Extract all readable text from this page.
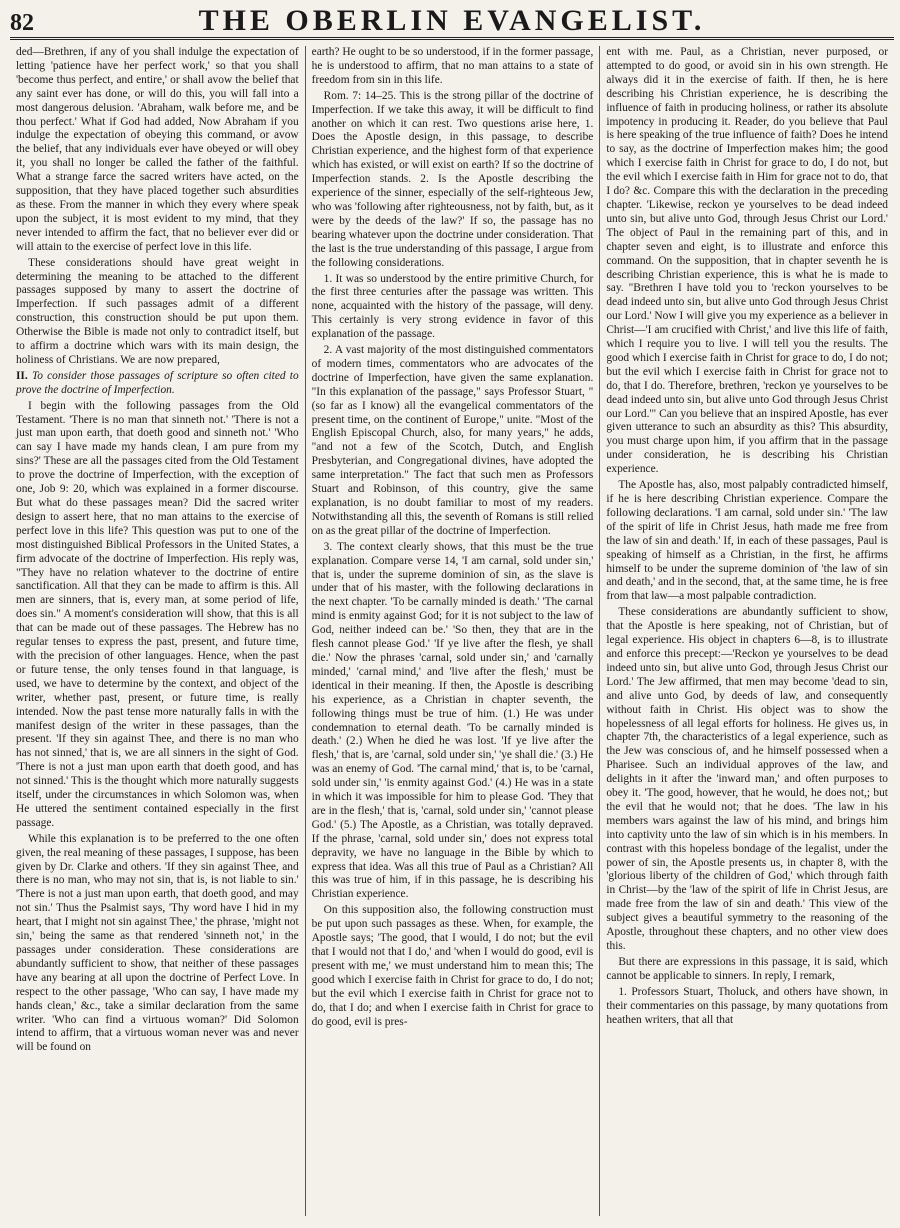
82	THE OBERLIN EVANGELIST.

ded—Brethren, if any of you shall indulge the expectation of letting 'patience have her perfect work,' so that you shall 'become thus perfect, and entire,' or shall avow the belief that any saint ever has done, or will do this, you will fall into a most dangerous delusion. 'Abraham, walk before me, and be thou perfect.' What if God had added, Now Abraham if you indulge the expectation of obeying this command, or avow the belief, that any individuals ever have obeyed or will obey it, you shall no longer be called the father of the faithful. What a strange farce the sacred writers have acted, on the supposition, that they have placed together such absurdities as these. From the manner in which they every where speak upon the subject, it is most evident to my mind, that they never intended to affirm the fact, that no believer ever did or will attain to the exercise of perfect love in this life.

These considerations should have great weight in determining the meaning to be attached to the different passages supposed by many to assert the doctrine of Imperfection. If such passages admit of a different construction, this construction should be put upon them. Otherwise the Bible is made not only to contradict itself, but to affirm a doctrine which wars with its main design, the holiness of Christians. We are now prepared,

II. To consider those passages of scripture so often cited to prove the doctrine of Imperfection.

I begin with the following passages from the Old Testament. 'There is no man that sinneth not.' 'There is not a just man upon earth, that doeth good and sinneth not.' 'Who can say I have made my hands clean, I am pure from my sins?' These are all the passages cited from the Old Testament to prove the doctrine of Imperfection, with the exception of one, Job 9: 20, which was explained in a former discourse. But what do these passages mean? Did the sacred writer design to assert here, that no man attains to the exercise of perfect love in this life? This question was put to one of the most distinguished Biblical Professors in the United States, a firm advocate of the doctrine of Imperfection. His reply was, "They have no relation whatever to the doctrine of entire sanctification. All that they can be made to affirm is this. All men are sinners, that is, every man, at some period of life, does sin." A moment's consideration will show, that this is all that can be made out of these passages. The Hebrew has no regular tenses to express the past, present, and future time, with the precision of other languages. Hence, when the past or future tense, the only tenses found in that language, is used, we have to determine by the context, and object of the writer, whether past, present, or future time, is really intended. Now the past tense more naturally falls in with the manifest design of the writer in these passages, than the present. 'If they sin against Thee, and there is no man who has not sinned,' that is, we are all sinners in the sight of God. 'There is not a just man upon earth that doeth good, and has not sinned.' This is the thought which more naturally suggests itself, under the circumstances in which Solomon was, when He uttered the sentiment contained especially in the first passage.

While this explanation is to be preferred to the one often given, the real meaning of these passages, I suppose, has been given by Dr. Clarke and others. 'If they sin against Thee, and there is no man, who may not sin, that is, is not liable to sin.' 'There is not a just man upon earth, that doeth good, and may not sin.' Thus the Psalmist says, 'Thy word have I hid in my heart, that I might not sin against Thee,' the phrase, 'might not sin,' being the same as that rendered 'sinneth not,' in the passages under consideration. These considerations are abundantly sufficient to show, that neither of these passages have any bearing at all upon the doctrine of Perfect Love. In respect to the other passage, 'Who can say, I have made my hands clean,' &c., take a similar declaration from the same writer. 'Who can find a virtuous woman?' Did Solomon intend to affirm, that a virtuous woman never was and never will be found on

earth? He ought to be so understood, if in the former passage, he is understood to affirm, that no man attains to a state of freedom from sin in this life.

Rom. 7: 14–25. This is the strong pillar of the doctrine of Imperfection. If we take this away, it will be difficult to find another on which it can rest. Two questions arise here, 1. Does the Apostle design, in this passage, to describe Christian experience, and the highest form of that experience which has existed, or will exist on earth? If so the doctrine of Imperfection stands. 2. Is the Apostle describing the experience of the sinner, especially of the self-righteous Jew, who was 'following after righteousness, not by faith, but, as it were by the deeds of the law?' If so, the passage has no bearing whatever upon the doctrine under consideration. That the last is the true understanding of this passage, I argue from the following considerations.

1. It was so understood by the entire primitive Church, for the first three centuries after the passage was written. This none, acquainted with the history of the passage, will deny. This certainly is very strong evidence in favor of this explanation of the passage.

2. A vast majority of the most distinguished commentators of modern times, commentators who are advocates of the doctrine of Imperfection, have given the same explanation. "In this explanation of the passage," says Professor Stuart, "(so far as I know) all the evangelical commentators of the present time, on the continent of Europe," unite. "Most of the English Episcopal Church, also, for many years," he adds, "and not a few of the Scotch, Dutch, and English Presbyterian, and Congregational divines, have adopted the same interpretation." The fact that such men as Professors Stuart and Robinson, of this country, give the same explanation, is no doubt familiar to most of my readers. Notwithstanding all this, the seventh of Romans is still relied on as the great pillar of the doctrine of Imperfection.

3. The context clearly shows, that this must be the true explanation. Compare verse 14, 'I am carnal, sold under sin,' that is, under the supreme dominion of sin, as the slave is under that of his master, with the following declarations in the next chapter. 'To be carnally minded is death.' 'The carnal mind is enmity against God; for it is not subject to the law of God, neither indeed can be.' 'So then, they that are in the flesh cannot please God.' 'If ye live after the flesh, ye shall die.' Now the phrases 'carnal, sold under sin,' and 'carnally minded,' 'carnal mind,' and 'live after the flesh,' must be identical in their meaning. If then, the Apostle is describing his experience, as a Christian in chapter seventh, the following things must be true of him. (1.) He was under condemnation to eternal death. 'To be carnally minded is death.' (2.) When he died he was lost. 'If ye live after the flesh,' that is, are 'carnal, sold under sin,' 'ye shall die.' (3.) He was an enemy of God. 'The carnal mind,' that is, to be 'carnal, sold under sin,' 'is enmity against God.' (4.) He was in a state in which it was impossible for him to please God. 'They that are in the flesh,' that is, 'carnal, sold under sin,' 'cannot please God.' (5.) The Apostle, as a Christian, was totally depraved. If the phrase, 'carnal, sold under sin,' does not express total depravity, we have no language in the Bible by which to express that idea. Was all this true of Paul as a Christian? All this was true of him, if in this passage, he is describing his Christian experience.

On this supposition also, the following construction must be put upon such passages as these. When, for example, the Apostle says; 'The good, that I would, I do not; but the evil that I would not that I do,' and 'when I would do good, evil is present with me,' we must understand him to mean this; The good which I exercise faith in Christ for grace to do, I do not; but the evil which I exercise faith in Christ for grace not to do, that I do; and when I exercise faith in Christ for grace to do good, evil is pres-

ent with me. Paul, as a Christian, never purposed, or attempted to do good, or avoid sin in his own strength. He always did it in the exercise of faith. If then, he is here describing his Christian experience, he is describing the influence of faith in producing holiness, or rather its absolute impotency in producing it. Reader, do you believe that Paul is here speaking of the true influence of faith? Does he intend to say, as the doctrine of Imperfection makes him; the good which I exercise faith in Christ for grace to do, I do not, but the evil which I exercise faith in Him for grace not to do, that I do? &c. Compare this with the declaration in the preceding chapter. 'Likewise, reckon ye yourselves to be dead indeed unto sin, but alive unto God, through Jesus Christ our Lord.' The object of Paul in the remaining part of this, and in chapter seven and eight, is to illustrate and enforce this command. On the supposition, that in chapter seventh he is describing Christian experience, this is what he is made to say. "Brethren I have told you to 'reckon yourselves to be dead indeed unto sin, but alive unto God through Jesus Christ our Lord.' Now I will give you my experience as a believer in Christ—'I am crucified with Christ,' and live this life of faith, which I require you to live. I will tell you the results. The good which I exercise faith in Christ for grace to do, I do not; but the evil which I exercise faith in Christ for grace not to do, that I do. Therefore, brethren, 'reckon ye yourselves to be dead indeed unto sin, but alive unto God through Jesus Christ our Lord.'" Can you believe that an inspired Apostle, has ever given utterance to such an absurdity as this? This absurdity, you must charge upon him, if you affirm that in the passage under consideration, he is describing his Christian experience.

The Apostle has, also, most palpably contradicted himself, if he is here describing Christian experience. Compare the following declarations. 'I am carnal, sold under sin.' 'The law of the spirit of life in Christ Jesus, hath made me free from the law of sin and death.' If, in each of these passages, Paul is speaking of himself as a Christian, in the first, he affirms himself to be under the supreme dominion of 'the law of sin and death,' and in the second, that, at the same time, he is free from that law—a most palpable contradiction.

These considerations are abundantly sufficient to show, that the Apostle is here speaking, not of Christian, but of legal experience. His object in chapters 6—8, is to illustrate and enforce this precept:—'Reckon ye yourselves to be dead indeed unto sin, but alive unto God, through Jesus Christ our Lord.' The Jew affirmed, that men may become 'dead to sin, and alive unto God, by deeds of law, and consequently without faith in Christ. His object was to show the hopelessness of all legal efforts for holiness. He gives us, in chapter 7th, the characteristics of a legal experience, such as the Jew was conscious of, and he himself possessed when a Pharisee. Such an individual approves of the law, and delights in it after the 'inward man,' and often purposes to obey it. 'The good, however, that he would, he does not,; but the evil that he would not; that he does. 'The law in his members wars against the law of his mind, and brings him into captivity unto the law of sin which is in his members. In contrast with this hopeless bondage of the legalist, under the power of sin, the Apostle presents us, in chapter 8, with the 'glorious liberty of the children of God,' which through faith in Christ—by the 'law of the spirit of life in Christ Jesus, are made free from the law of sin and death.' This view of the subject gives a beautiful symmetry to the reasoning of the Apostle, throughout these chapters, and no other view does this.

But there are expressions in this passage, it is said, which cannot be applicable to sinners. In reply, I remark,

1. Professors Stuart, Tholuck, and others have shown, in their commentaries on this passage, by many quotations from heathen writers, that all that
